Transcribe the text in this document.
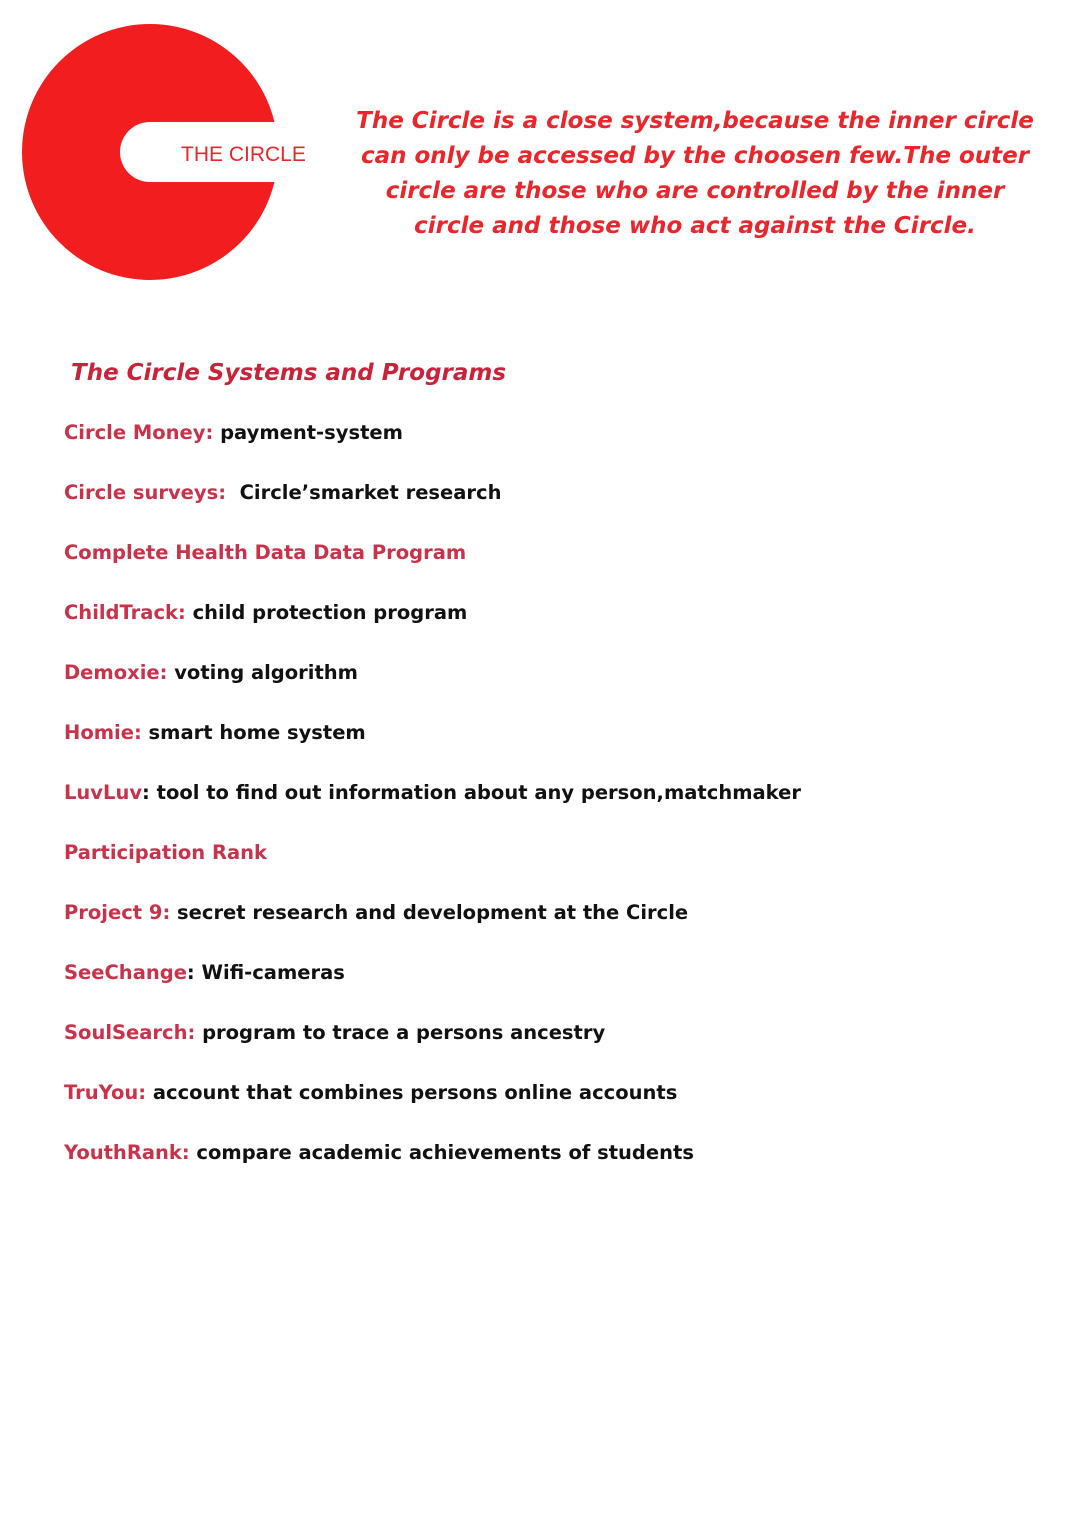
THE CIRCLE

The Circle is a close system,because the inner circle can only be accessed by the choosen few.The outer circle are those who are controlled by the inner circle and those who act against the Circle.

The Circle Systems and Programs
Circle Money: payment-system
Circle surveys:  Circle’smarket research
Complete Health Data Data Program
ChildTrack: child protection program
Demoxie: voting algorithm
Homie: smart home system
LuvLuv: tool to find out information about any person,matchmaker
Participation Rank
Project 9: secret research and development at the Circle
SeeChange: Wifi-cameras
SoulSearch: program to trace a persons ancestry
TruYou: account that combines persons online accounts
YouthRank: compare academic achievements of students
